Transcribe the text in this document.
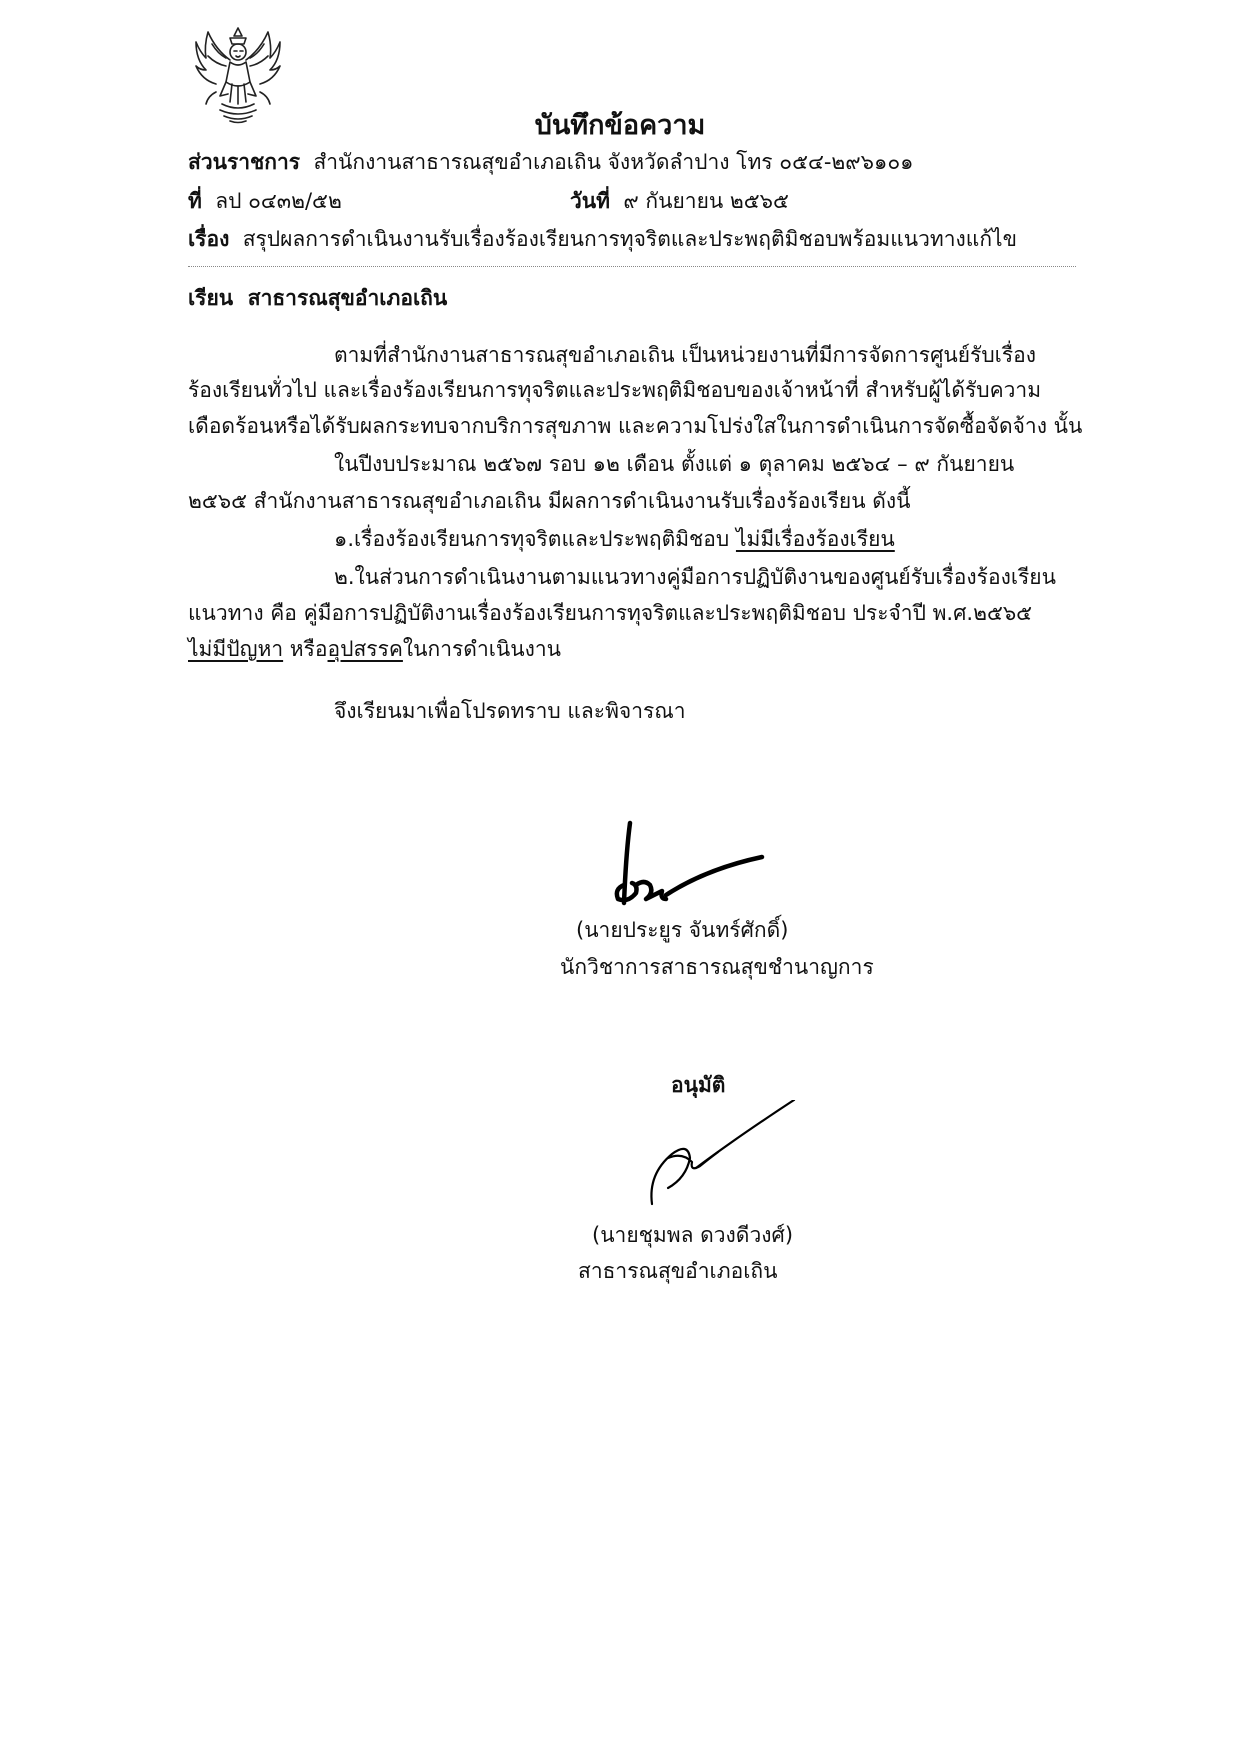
บันทึกข้อความ
ส่วนราชการ สำนักงานสาธารณสุขอำเภอเถิน จังหวัดลำปาง โทร ๐๕๔-๒๙๖๑๐๑
ที่ ลป ๐๔๓๒/๕๒	วันที่ ๙ กันยายน ๒๕๖๕
เรื่อง สรุปผลการดำเนินงานรับเรื่องร้องเรียนการทุจริตและประพฤติมิชอบพร้อมแนวทางแก้ไข
เรียน สาธารณสุขอำเภอเถิน
ตามที่สำนักงานสาธารณสุขอำเภอเถิน เป็นหน่วยงานที่มีการจัดการศูนย์รับเรื่อง
ร้องเรียนทั่วไป และเรื่องร้องเรียนการทุจริตและประพฤติมิชอบของเจ้าหน้าที่ สำหรับผู้ได้รับความ
เดือดร้อนหรือได้รับผลกระทบจากบริการสุขภาพ และความโปร่งใสในการดำเนินการจัดซื้อจัดจ้าง นั้น
ในปีงบประมาณ ๒๕๖๗ รอบ ๑๒ เดือน ตั้งแต่ ๑ ตุลาคม ๒๕๖๔ – ๙ กันยายน
๒๕๖๕ สำนักงานสาธารณสุขอำเภอเถิน มีผลการดำเนินงานรับเรื่องร้องเรียน ดังนี้
๑.เรื่องร้องเรียนการทุจริตและประพฤติมิชอบ ไม่มีเรื่องร้องเรียน
๒.ในส่วนการดำเนินงานตามแนวทางคู่มือการปฏิบัติงานของศูนย์รับเรื่องร้องเรียน
แนวทาง คือ คู่มือการปฏิบัติงานเรื่องร้องเรียนการทุจริตและประพฤติมิชอบ ประจำปี พ.ศ.๒๕๖๕
ไม่มีปัญหา หรืออุปสรรคในการดำเนินงาน
จึงเรียนมาเพื่อโปรดทราบ และพิจารณา
(นายประยูร จันทร์ศักดิ์)
นักวิชาการสาธารณสุขชำนาญการ
อนุมัติ
(นายชุมพล ดวงดีวงศ์)
สาธารณสุขอำเภอเถิน
